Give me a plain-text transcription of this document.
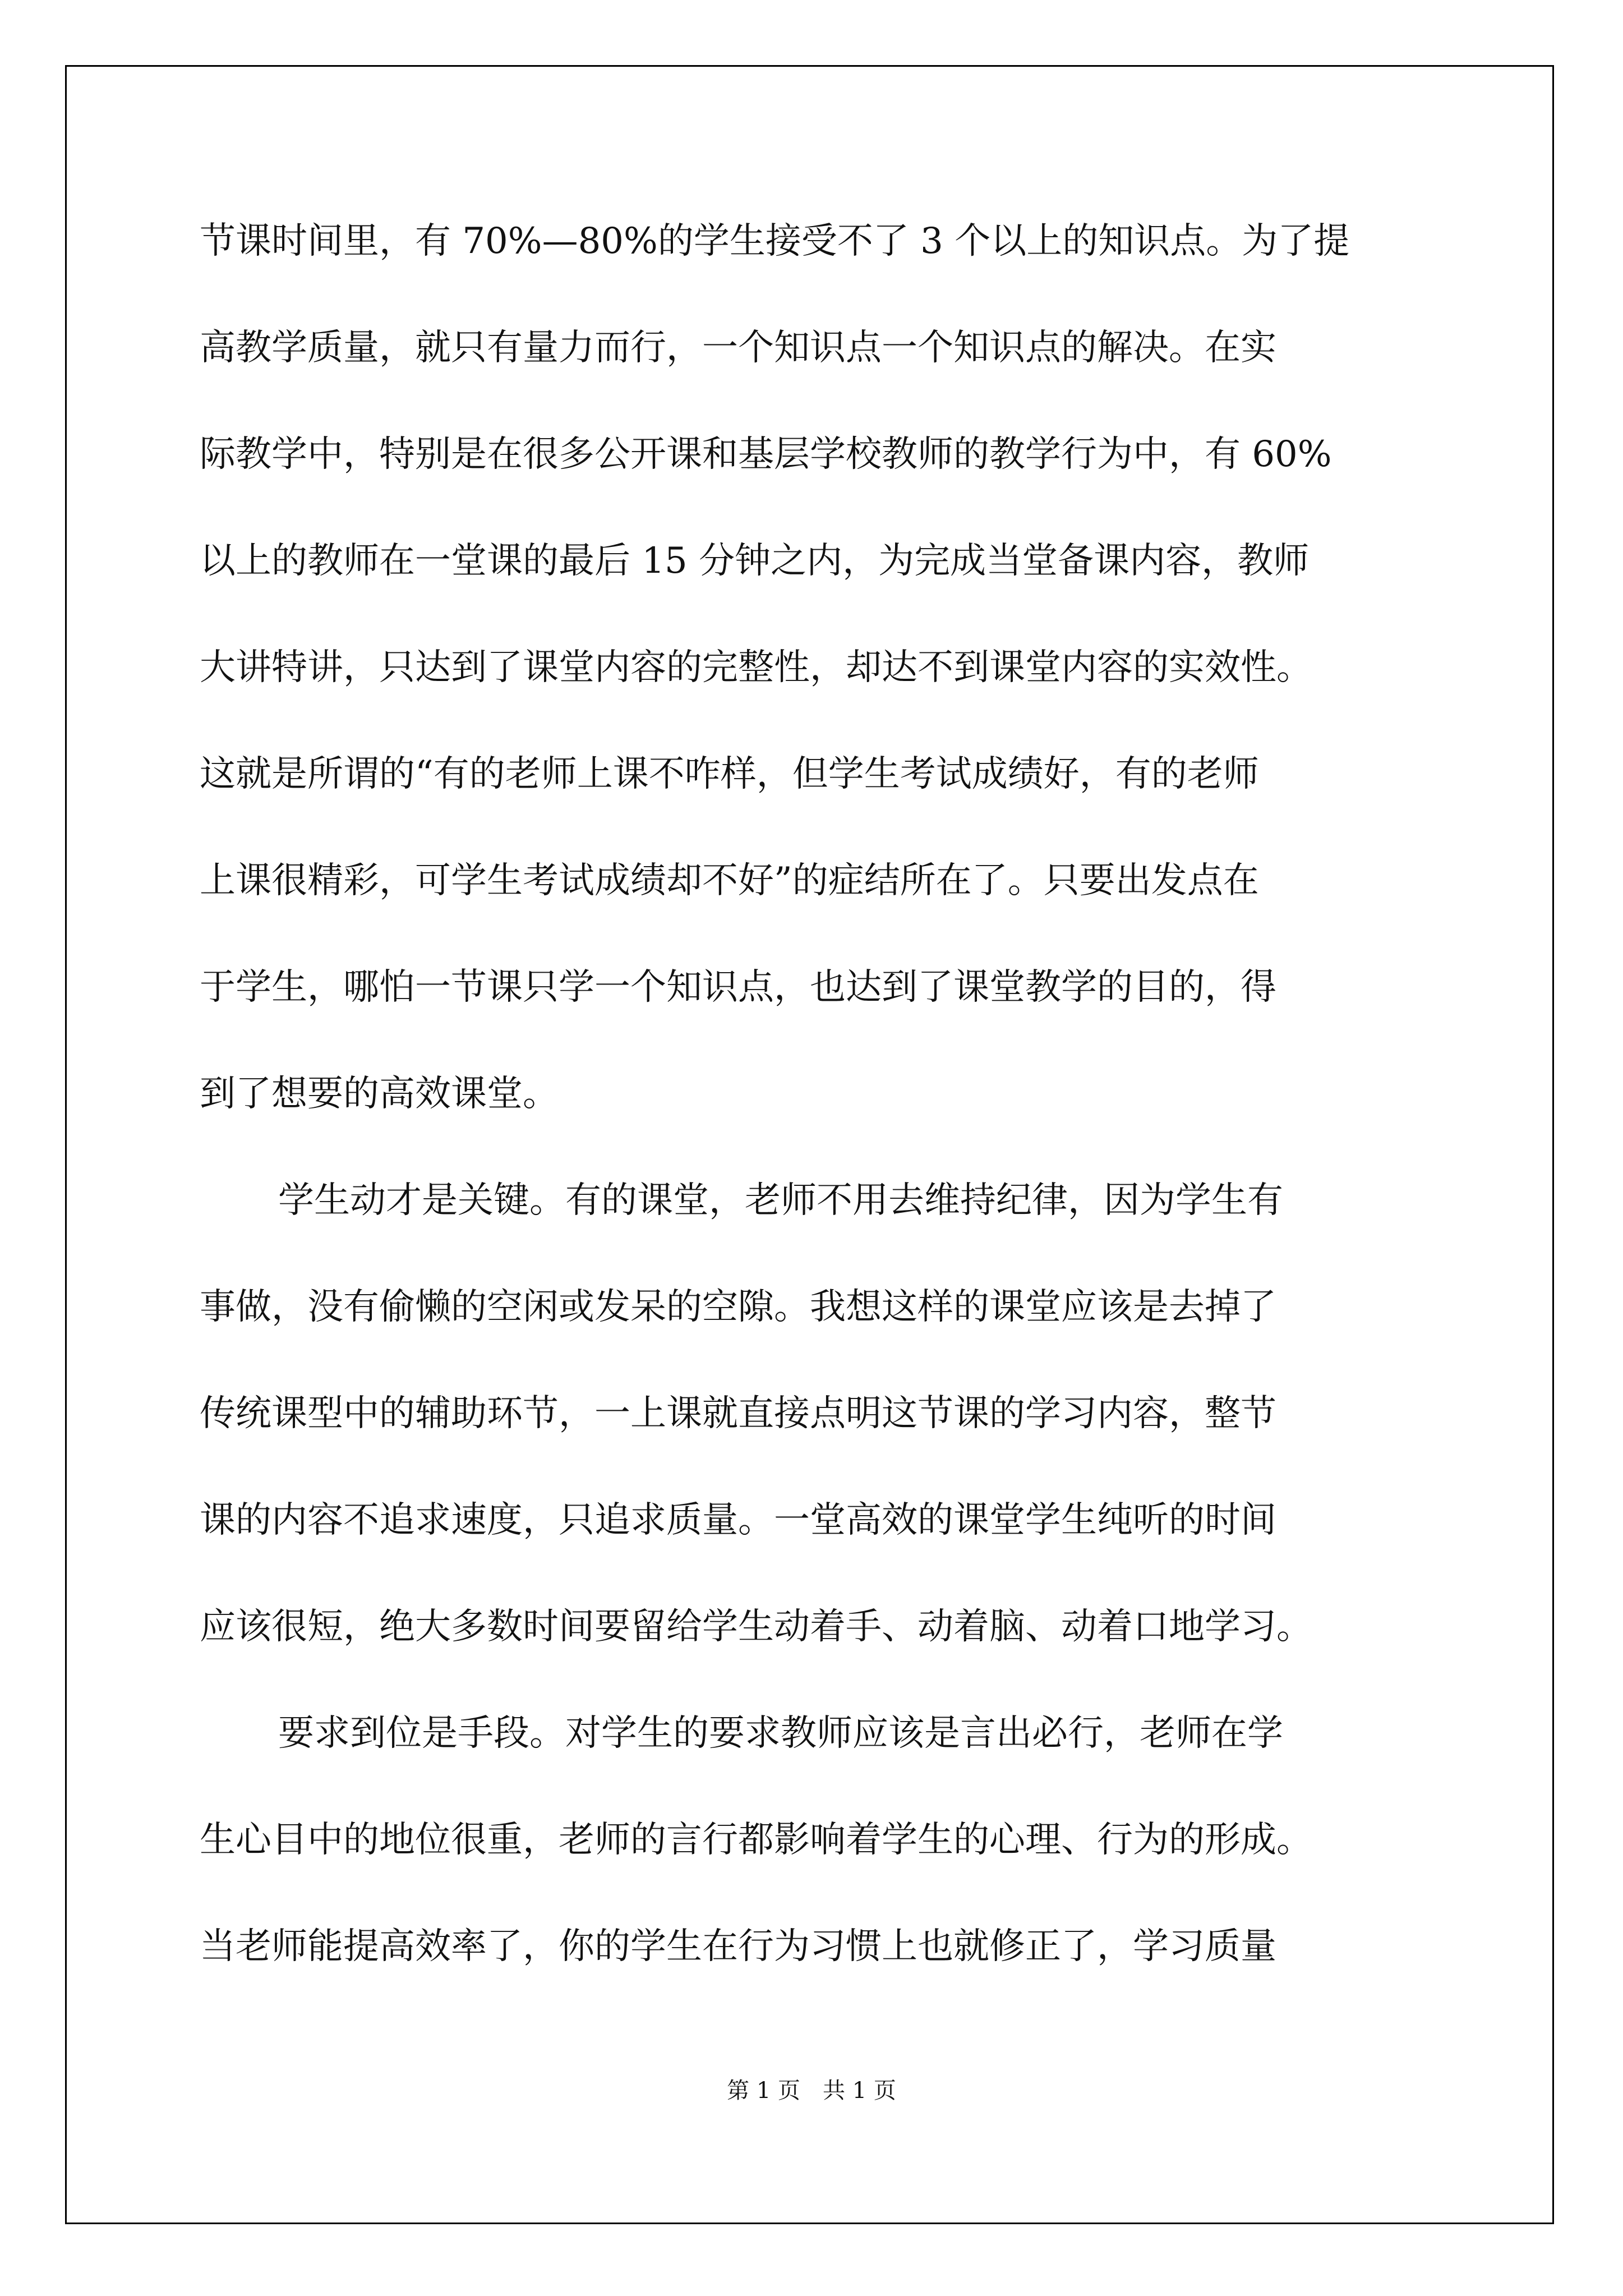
节课时间里，有 70%—80%的学生接受不了 3 个以上的知识点。为了提
高教学质量，就只有量力而行，一个知识点一个知识点的解决。在实
际教学中，特别是在很多公开课和基层学校教师的教学行为中，有 60%
以上的教师在一堂课的最后 15 分钟之内，为完成当堂备课内容，教师
大讲特讲，只达到了课堂内容的完整性，却达不到课堂内容的实效性。
这就是所谓的“有的老师上课不咋样，但学生考试成绩好，有的老师
上课很精彩，可学生考试成绩却不好”的症结所在了。只要出发点在
于学生，哪怕一节课只学一个知识点，也达到了课堂教学的目的，得
到了想要的高效课堂。
学生动才是关键。有的课堂，老师不用去维持纪律，因为学生有
事做，没有偷懒的空闲或发呆的空隙。我想这样的课堂应该是去掉了
传统课型中的辅助环节，一上课就直接点明这节课的学习内容，整节
课的内容不追求速度，只追求质量。一堂高效的课堂学生纯听的时间
应该很短，绝大多数时间要留给学生动着手、动着脑、动着口地学习。
要求到位是手段。对学生的要求教师应该是言出必行，老师在学
生心目中的地位很重，老师的言行都影响着学生的心理、行为的形成。
当老师能提高效率了，你的学生在行为习惯上也就修正了，学习质量
第 1 页　共 1 页
